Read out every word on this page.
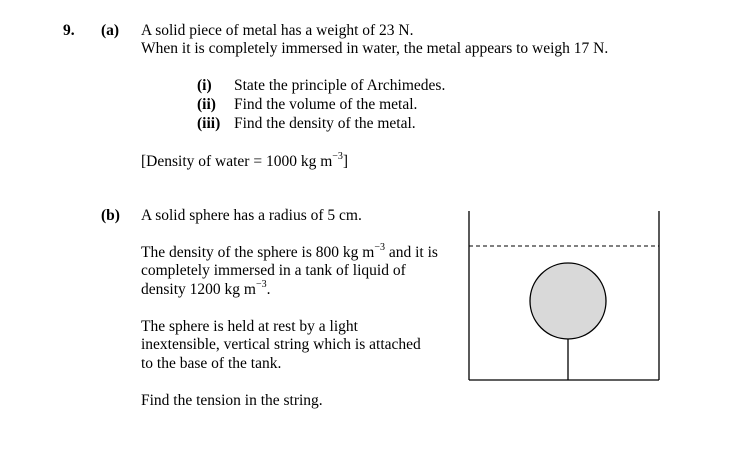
9. (a) A solid piece of metal has a weight of 23 N.
When it is completely immersed in water, the metal appears to weigh 17 N.
(i) State the principle of Archimedes.
(ii) Find the volume of the metal.
(iii) Find the density of the metal.
[Density of water = 1000 kg $m^{-3}$]
(b) A solid sphere has a radius of 5 cm.
The density of the sphere is 800 kg $m^{-3}$ and it is
completely immersed in a tank of liquid of
density 1200 kg $m^{-3}$.
The sphere is held at rest by a light
inextensible, vertical string which is attached
to the base of the tank.
Find the tension in the string.
